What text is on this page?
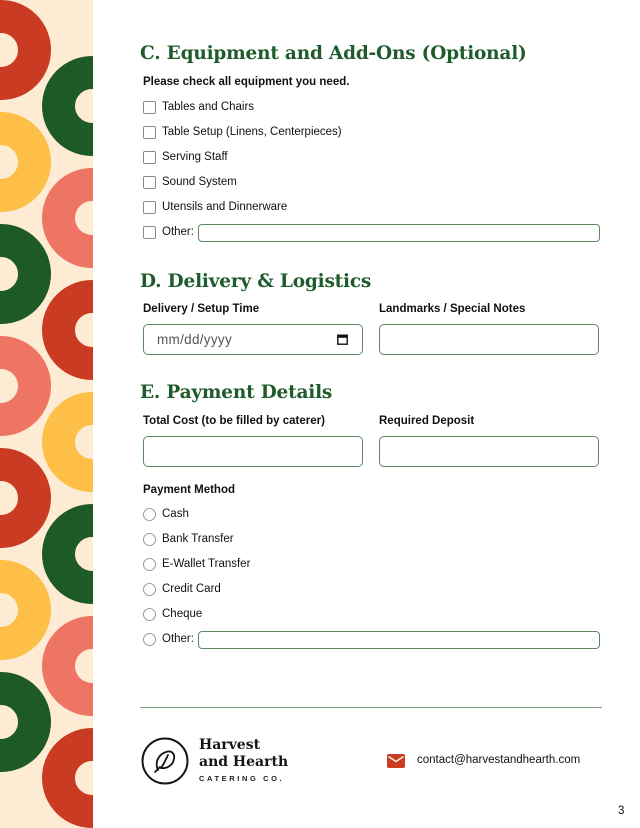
C. Equipment and Add-Ons (Optional)
Please check all equipment you need.
Tables and Chairs
Table Setup (Linens, Centerpieces)
Serving Staff
Sound System
Utensils and Dinnerware
Other:
D. Delivery & Logistics
Delivery / Setup Time	Landmarks / Special Notes
mm/dd/yyyy
E. Payment Details
Total Cost (to be filled by caterer)	Required Deposit
Payment Method
Cash
Bank Transfer
E-Wallet Transfer
Credit Card
Cheque
Other:
Harvest
and Hearth
CATERING CO.
contact@harvestandhearth.com
3
